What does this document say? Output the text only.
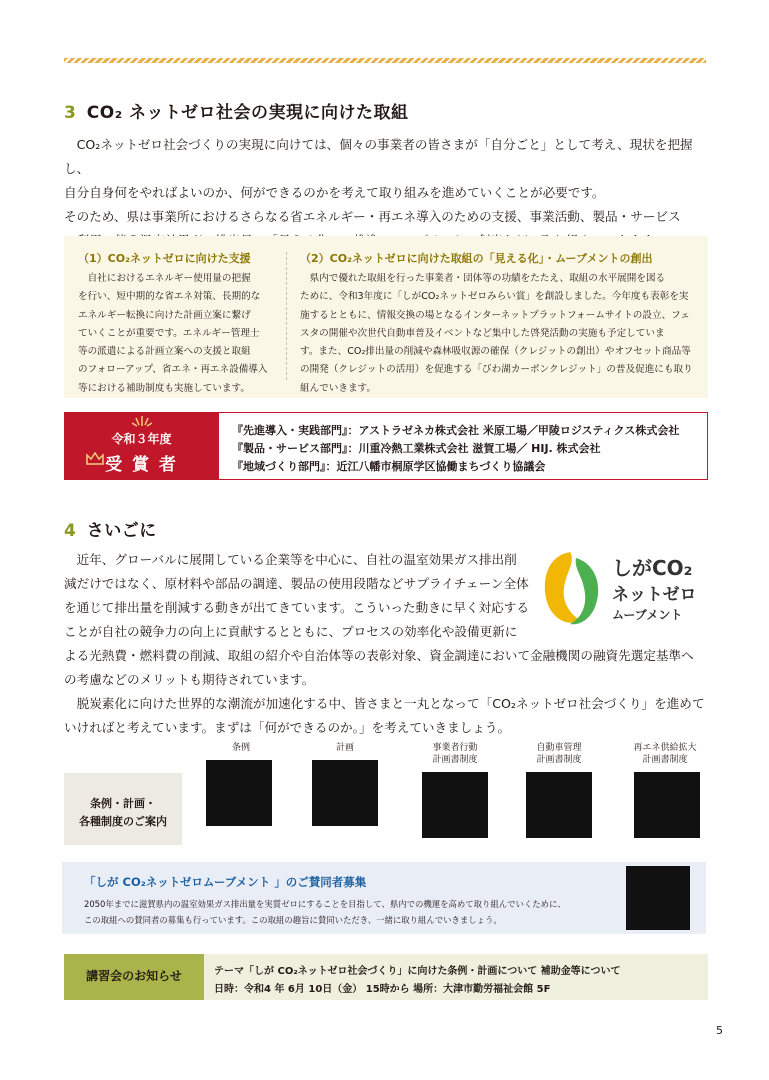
3 CO₂ ネットゼロ社会の実現に向けた取組
　CO₂ネットゼロ社会づくりの実現に向けては、個々の事業者の皆さまが「自分ごと」として考え、現状を把握し、
自分自身何をやればよいのか、何ができるのかを考えて取り組みを進めていくことが必要です。
そのため、県は事業所におけるさらなる省エネルギー・再エネ導入のための支援、事業活動、製品・サービス
（1）CO₂ネットゼロに向けた支援
　自社におけるエネルギー使用量の把握
を行い、短中期的な省エネ対策、長期的な
エネルギー転換に向けた計画立案に繋げ
ていくことが重要です。エネルギー管理士
等の派遣による計画立案への支援と取組
のフォローアップ、省エネ・再エネ設備導入
等における補助制度も実施しています。
（2）CO₂ネットゼロに向けた取組の「見える化」・ムーブメントの創出
　県内で優れた取組を行った事業者・団体等の功績をたたえ、取組の水平展開を図る
ために、令和3年度に「しがCO₂ネットゼロみらい賞」を創設しました。今年度も表彰を実
施するとともに、情報交換の場となるインターネットプラットフォームサイトの設立、フェ
スタの開催や次世代自動車普及イベントなど集中した啓発活動の実施も予定していま
す。また、CO₂排出量の削減や森林吸収源の確保（クレジットの創出）やオフセット商品等
の開発（クレジットの活用）を促進する「びわ湖カーボンクレジット」の普及促進にも取り
組んでいきます。
令和３年度
受 賞 者
『先進導入・実践部門』：アストラゼネカ株式会社 米原工場／甲陵ロジスティクス株式会社
『製品・サービス部門』：川重冷熱工業株式会社 滋賀工場／ HIJ. 株式会社
『地域づくり部門』：近江八幡市桐原学区協働まちづくり協議会
4 さいごに
　近年、グローバルに展開している企業等を中心に、自社の温室効果ガス排出削
減だけではなく、原材料や部品の調達、製品の使用段階などサプライチェーン全体
を通じて排出量を削減する動きが出てきています。こういった動きに早く対応する
ことが自社の競争力の向上に貢献するとともに、プロセスの効率化や設備更新に
よる光熱費・燃料費の削減、取組の紹介や自治体等の表彰対象、資金調達において金融機関の融資先選定基準へ
の考慮などのメリットも期待されています。
　脱炭素化に向けた世界的な潮流が加速化する中、皆さまと一丸となって「CO₂ネットゼロ社会づくり」を進めて
いければと考えています。まずは「何ができるのか。」を考えていきましょう。
しがCO₂
ネットゼロ
ムーブメント
条例・計画・
各種制度のご案内
条例	計画	事業者行動
計画書制度
自動車管理
計画書制度
再エネ供給拡大
計画書制度
「しが CO₂ネットゼロムーブメント 」のご賛同者募集
2050年までに滋賀県内の温室効果ガス排出量を実質ゼロにすることを目指して、県内での機運を高めて取り組んでいくために、
この取組への賛同者の募集も行っています。この取組の趣旨に賛同いただき、一緒に取り組んでいきましょう。
講習会のお知らせ	テーマ「しが CO₂ネットゼロ社会づくり」に向けた条例・計画について 補助金等について
日時：令和4 年 6月 10日（金） 15時から 場所：大津市勤労福祉会館 5F
5
